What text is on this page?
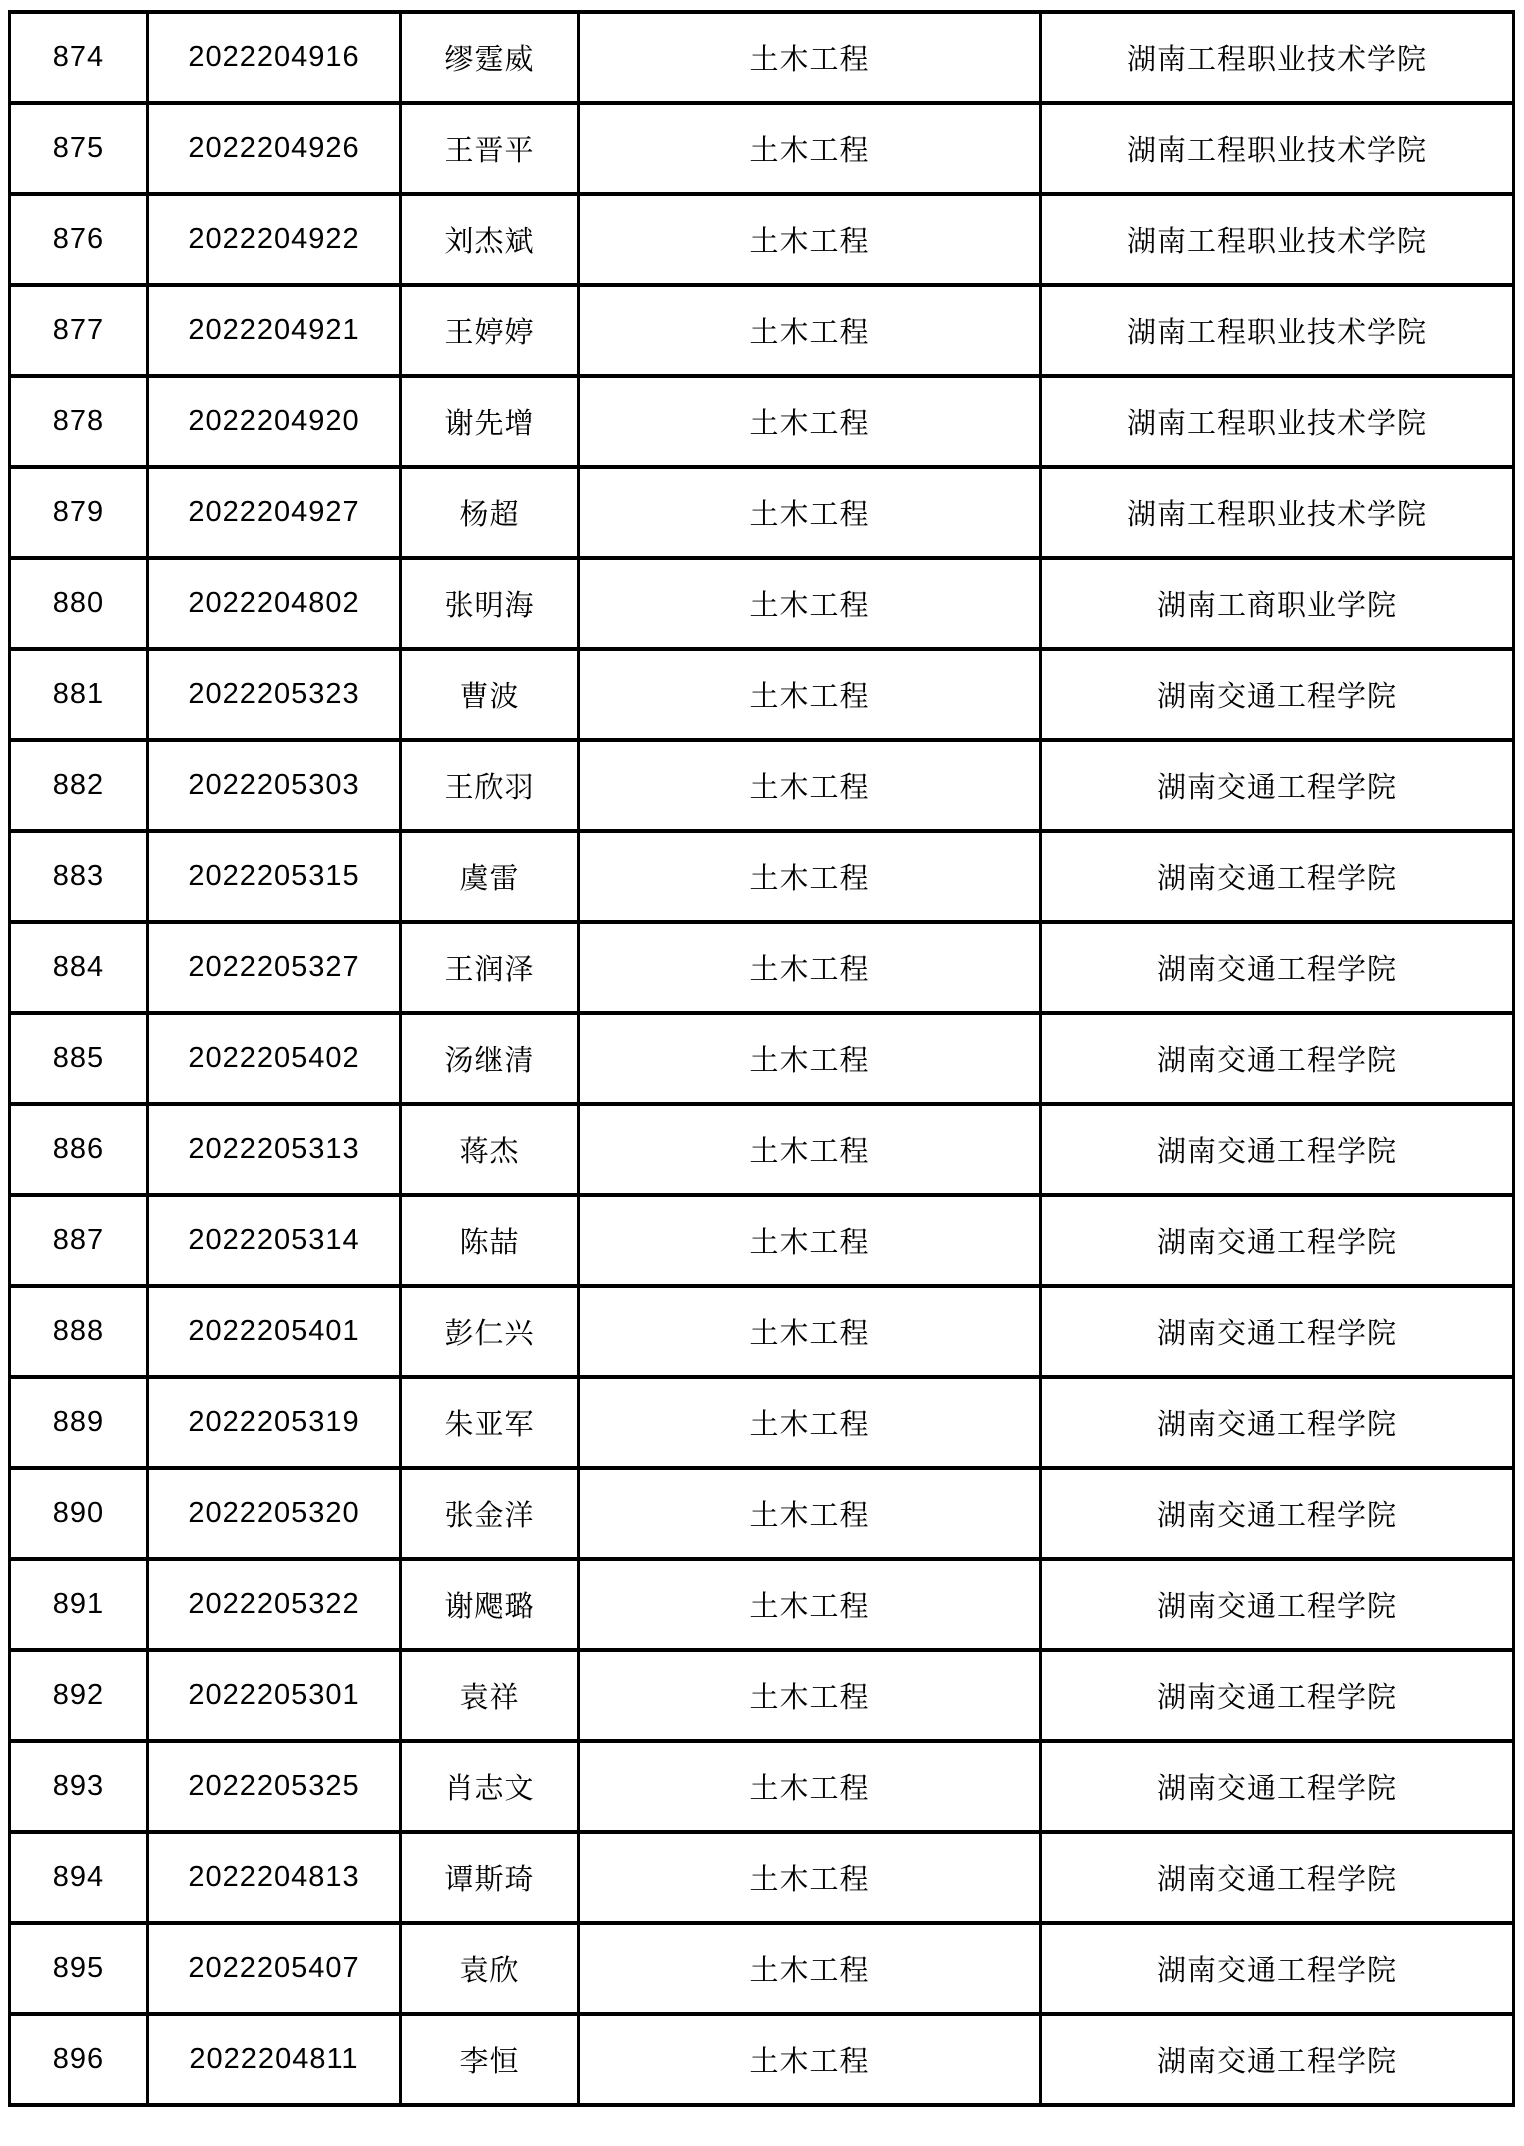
874	2022204916	缪霆威	土木工程	湖南工程职业技术学院
875	2022204926	王晋平	土木工程	湖南工程职业技术学院
876	2022204922	刘杰斌	土木工程	湖南工程职业技术学院
877	2022204921	王婷婷	土木工程	湖南工程职业技术学院
878	2022204920	谢先增	土木工程	湖南工程职业技术学院
879	2022204927	杨超	土木工程	湖南工程职业技术学院
880	2022204802	张明海	土木工程	湖南工商职业学院
881	2022205323	曹波	土木工程	湖南交通工程学院
882	2022205303	王欣羽	土木工程	湖南交通工程学院
883	2022205315	虞雷	土木工程	湖南交通工程学院
884	2022205327	王润泽	土木工程	湖南交通工程学院
885	2022205402	汤继清	土木工程	湖南交通工程学院
886	2022205313	蒋杰	土木工程	湖南交通工程学院
887	2022205314	陈喆	土木工程	湖南交通工程学院
888	2022205401	彭仁兴	土木工程	湖南交通工程学院
889	2022205319	朱亚军	土木工程	湖南交通工程学院
890	2022205320	张金洋	土木工程	湖南交通工程学院
891	2022205322	谢飔璐	土木工程	湖南交通工程学院
892	2022205301	袁祥	土木工程	湖南交通工程学院
893	2022205325	肖志文	土木工程	湖南交通工程学院
894	2022204813	谭斯琦	土木工程	湖南交通工程学院
895	2022205407	袁欣	土木工程	湖南交通工程学院
896	2022204811	李恒	土木工程	湖南交通工程学院
